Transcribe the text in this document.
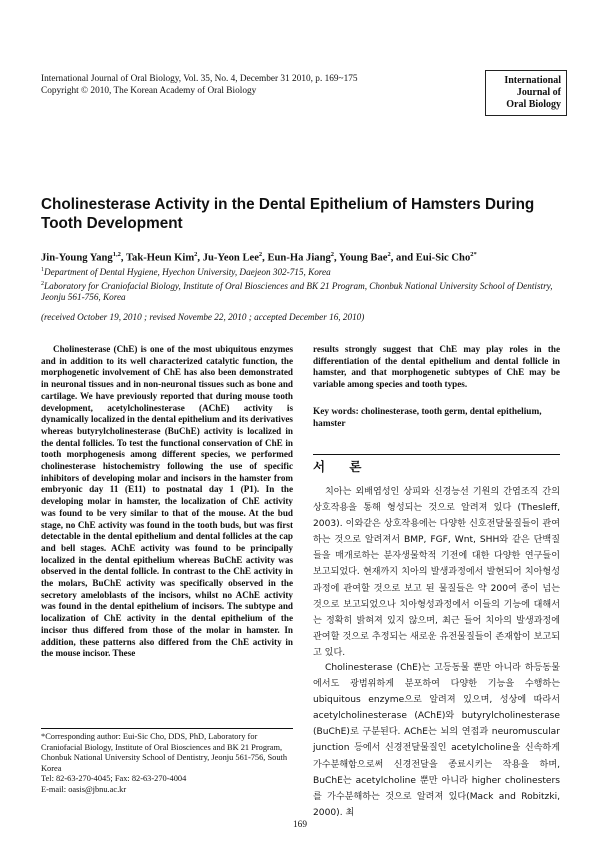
International Journal of Oral Biology, Vol. 35, No. 4, December 31 2010, p. 169~175
Copyright © 2010, The Korean Academy of Oral Biology
International
Journal of
Oral Biology
Cholinesterase Activity in the Dental Epithelium of Hamsters During Tooth Development
Jin-Young Yang$^{1,2}$, Tak-Heun Kim$^2$, Ju-Yeon Lee$^2$, Eun-Ha Jiang$^2$, Young Bae$^2$, and Eui-Sic Cho$^{2*}$
$^1$Department of Dental Hygiene, Hyechon University, Daejeon 302-715, Korea
$^2$Laboratory for Craniofacial Biology, Institute of Oral Biosciences and BK 21 Program, Chonbuk National University School of Dentistry, Jeonju 561-756, Korea
(received October 19, 2010 ; revised Novembe 22, 2010 ; accepted December 16, 2010)

Cholinesterase (ChE) is one of the most ubiquitous enzymes and in addition to its well characterized catalytic function, the morphogenetic involvement of ChE has also been demonstrated in neuronal tissues and in non-neuronal tissues such as bone and cartilage. We have previously reported that during mouse tooth development, acetylcholinesterase (AChE) activity is dynamically localized in the dental epithelium and its derivatives whereas butyrylcholinesterase (BuChE) activity is localized in the dental follicles. To test the functional conservation of ChE in tooth morphogenesis among different species, we performed cholinesterase histochemistry following the use of specific inhibitors of developing molar and incisors in the hamster from embryonic day 11 (E11) to postnatal day 1 (P1). In the developing molar in hamster, the localization of ChE activity was found to be very similar to that of the mouse. At the bud stage, no ChE activity was found in the tooth buds, but was first detectable in the dental epithelium and dental follicles at the cap and bell stages. AChE activity was found to be principally localized in the dental epithelium whereas BuChE activity was observed in the dental follicle. In contrast to the ChE activity in the molars, BuChE activity was specifically observed in the secretory ameloblasts of the incisors, whilst no AChE activity was found in the dental epithelium of incisors. The subtype and localization of ChE activity in the dental epithelium of the incisor thus differed from those of the molar in hamster. In addition, these patterns also differed from the ChE activity in the mouse incisor. These

results strongly suggest that ChE may play roles in the differentiation of the dental epithelium and dental follicle in hamster, and that morphogenetic subtypes of ChE may be variable among species and tooth types.

Key words: cholinesterase, tooth germ, dental epithelium, hamster

서 론

치아는 외배엽성인 상피와 신경능선 기원의 간엽조직 간의 상호작용을 통해 형성되는 것으로 알려져 있다 (Thesleff, 2003). 이와같은 상호작용에는 다양한 신호전달물질들이 관여하는 것으로 알려져서 BMP, FGF, Wnt, SHH와 같은 단백질들을 매개로하는 분자생물학적 기전에 대한 다양한 연구들이 보고되었다. 현재까지 치아의 발생과정에서 발현되어 치아형성과정에 관여할 것으로 보고 된 물질들은 약 200여 종이 넘는 것으로 보고되었으나 치아형성과정에서 이들의 기능에 대해서는 정확히 밝혀져 있지 않으며, 최근 들어 치아의 발생과정에 관여할 것으로 추정되는 새로운 유전물질들이 존재함이 보고되고 있다.

Cholinesterase (ChE)는 고등동물 뿐만 아니라 하등동물에서도 광범위하게 분포하여 다양한 기능을 수행하는 ubiquitous enzyme으로 알려져 있으며, 성상에 따라서 acetylcholinesterase (AChE)와 butyrylcholinesterase (BuChE)로 구분된다. AChE는 뇌의 연접과 neuromuscular junction 등에서 신경전달물질인 acetylcholine을 신속하게 가수분해함으로써 신경전달을 종료시키는 작용을 하며, BuChE는 acetylcholine 뿐만 아니라 higher cholinesters를 가수분해하는 것으로 알려져 있다(Mack and Robitzki, 2000). 최

*Corresponding author: Eui-Sic Cho, DDS, PhD, Laboratory for Craniofacial Biology, Institute of Oral Biosciences and BK 21 Program, Chonbuk National University School of Dentistry, Jeonju 561-756, South Korea
Tel: 82-63-270-4045; Fax: 82-63-270-4004
E-mail: oasis@jbnu.ac.kr
169
